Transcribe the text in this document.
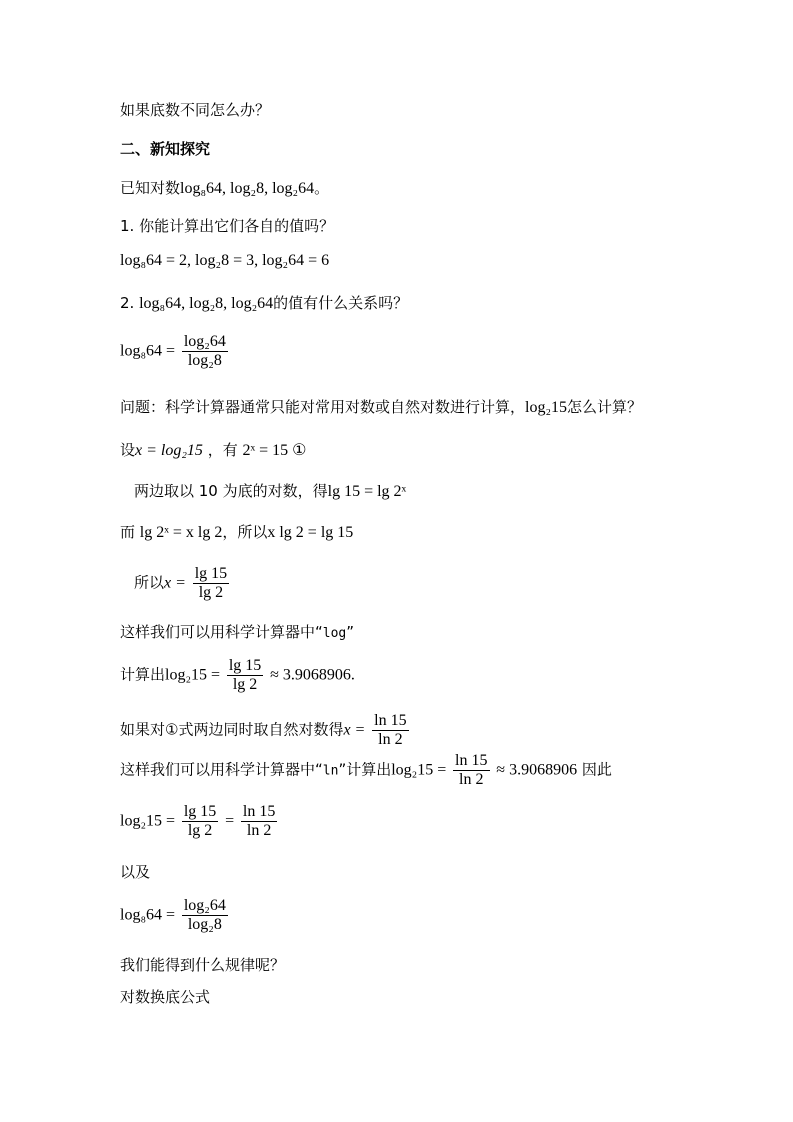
如果底数不同怎么办？
二、新知探究
已知对数log₈64, log₂8, log₂64。
1. 你能计算出它们各自的值吗？
log₈64 = 2, log₂8 = 3, log₂64 = 6
2. log₈64, log₂8, log₂64的值有什么关系吗？
$\log_864 = \frac{\text{log₂64}}{\text{log₂8}}$
问题：科学计算器通常只能对常用对数或自然对数进行计算，log₂15怎么计算？
设x = log₂15 ，有 2ˣ = 15 ①
两边取以 10 为底的对数，得lg 15 = lg 2ˣ
而 lg 2ˣ = x lg 2，所以x lg 2 = lg 15
所以$x = \frac{\lg 15}{\lg 2}$
这样我们可以用科学计算器中“log”
计算出$\log_215 = \frac{\lg 15}{\lg 2} \approx 3.9068906$.
如果对①式两边同时取自然对数得$x = \frac{\ln 15}{\ln 2}$
这样我们可以用科学计算器中“ln”计算出$\log_215 = \frac{\ln 15}{\ln 2} \approx 3.9068906$ 因此
$\log_215 = \frac{\lg 15}{\lg 2} = \frac{\ln 15}{\ln 2}$
以及
$\log_864 = \frac{\text{log₂64}}{\text{log₂8}}$
我们能得到什么规律呢？
对数换底公式
